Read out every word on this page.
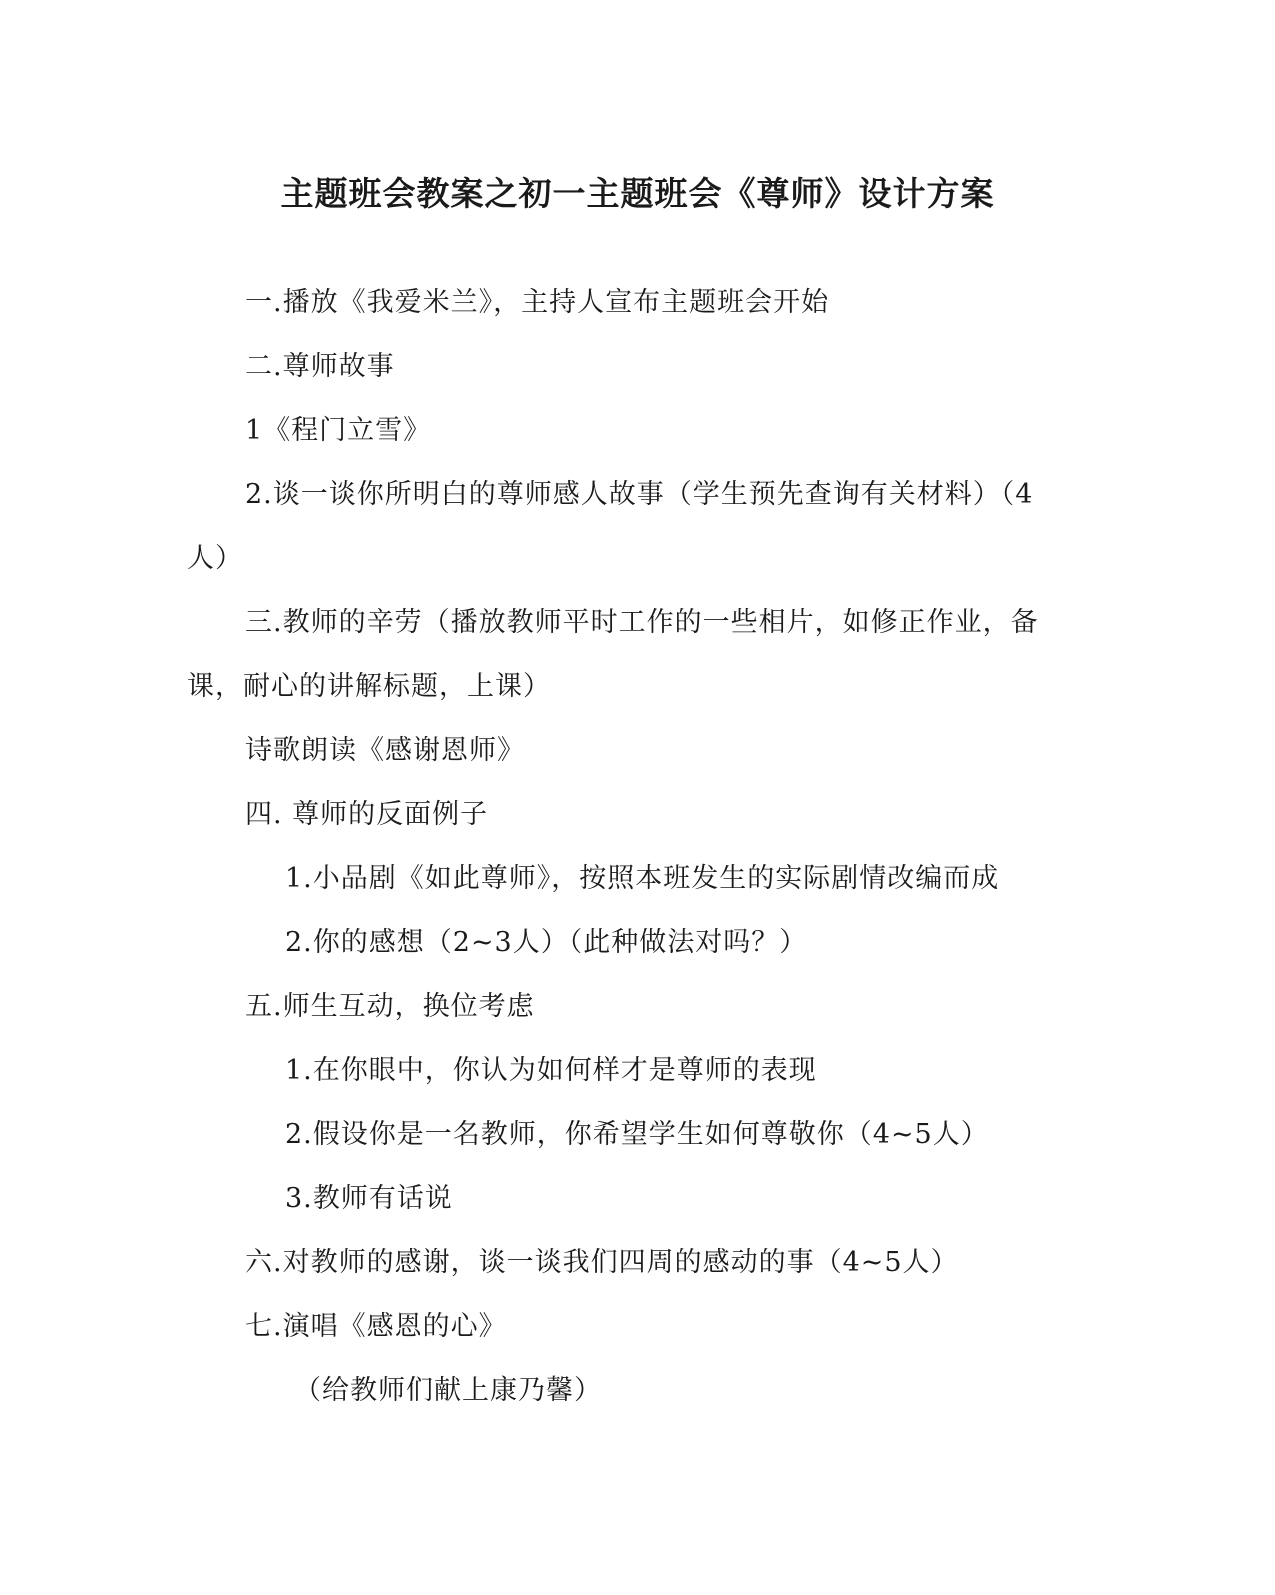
主题班会教案之初一主题班会《尊师》设计方案
一.播放《我爱米兰》，主持人宣布主题班会开始
二.尊师故事
1《程门立雪》
2.谈一谈你所明白的尊师感人故事（学生预先查询有关材料）（4
人）
三.教师的辛劳（播放教师平时工作的一些相片，如修正作业，备
课，耐心的讲解标题，上课）
诗歌朗读《感谢恩师》
四. 尊师的反面例子
1.小品剧《如此尊师》，按照本班发生的实际剧情改编而成
2.你的感想（2~3人）（此种做法对吗？）
五.师生互动，换位考虑
1.在你眼中，你认为如何样才是尊师的表现
2.假设你是一名教师，你希望学生如何尊敬你（4~5人）
3.教师有话说
六.对教师的感谢，谈一谈我们四周的感动的事（4~5人）
七.演唱《感恩的心》
（给教师们献上康乃馨）
